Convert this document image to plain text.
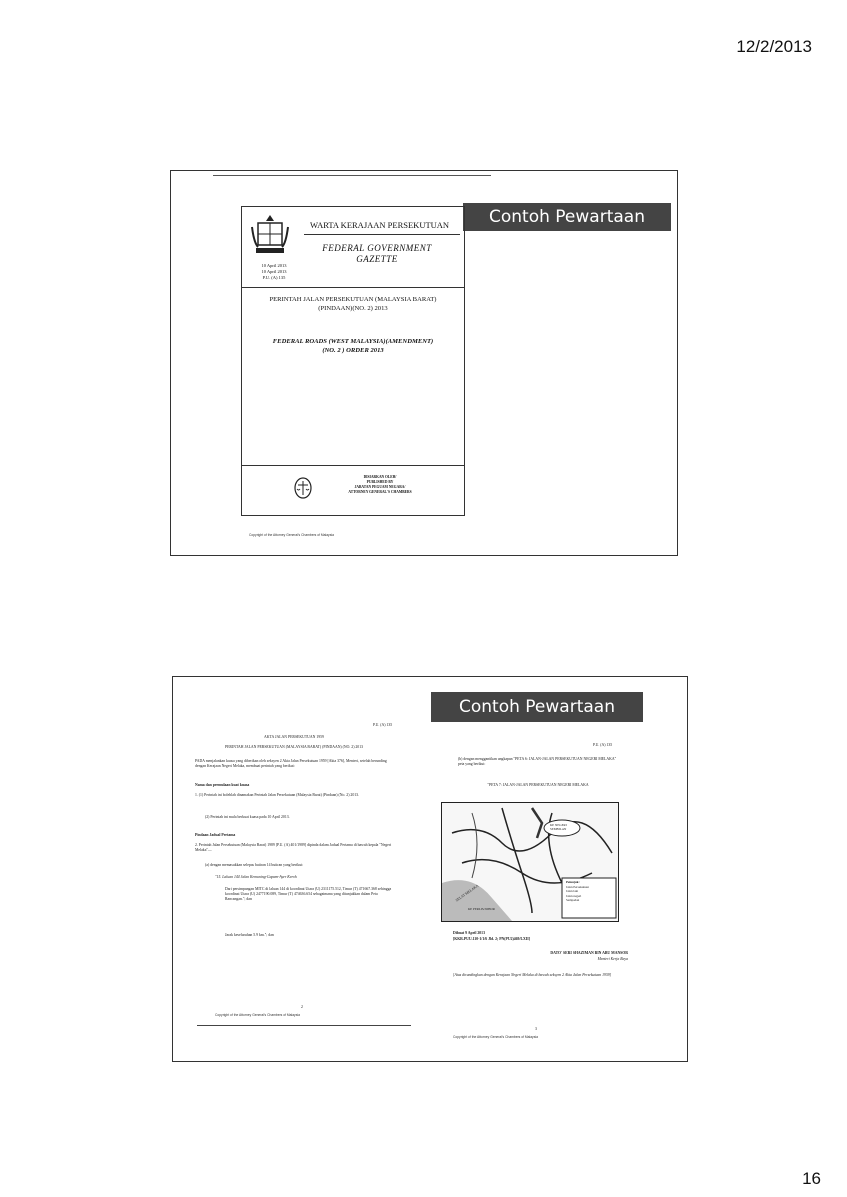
12/2/2013
Contoh Pewartaan
WARTA KERAJAAN PERSEKUTUAN
FEDERAL GOVERNMENT
GAZETTE
10 April 2013
10 April 2013
P.U. (A) 135
PERINTAH JALAN PERSEKUTUAN (MALAYSIA BARAT)
(PINDAAN)(NO. 2) 2013
FEDERAL ROADS (WEST MALAYSIA)(AMENDMENT)
(NO. 2 ) ORDER 2013
DISIARKAN OLEH/
PUBLISHED BY
JABATAN PEGUAM NEGARA/
ATTORNEY GENERAL'S CHAMBERS
Copyright of the Attorney General's Chambers of Malaysia
Contoh Pewartaan
P.U. (A) 135
AKTA JALAN PERSEKUTUAN 1959
PERINTAH JALAN PERSEKUTUAN (MALAYSIA BARAT) (PINDAAN) (NO. 2) 2013
PADA menjalankan kuasa yang diberikan oleh seksyen 2 Akta Jalan Persekutuan 1959 [Akta 376], Menteri, setelah berunding dengan Kerajaan Negeri Melaka, membuat perintah yang berikut:
Nama dan permulaan kuat kuasa
1. (1) Perintah ini bolehlah dinamakan Perintah Jalan Persekutuan (Malaysia Barat) (Pindaan) (No. 2) 2013.
(2) Perintah ini mula berkuat kuasa pada 10 April 2013.
Pindaan Jadual Pertama
2. Perintah Jalan Persekutuan (Malaysia Barat) 1989 [P.U. (A) 401/1989] dipinda dalam Jadual Pertama di bawah kepala "Negeri Melaka"—
(a) dengan memasukkan selepas butiran 14 butiran yang berikut:
"15. Laluan 144 Jalan Kemuning-Gapam-Ayer Keroh
Dari persimpangan MITC di laluan 144 di koordinat Utara (U) 2311175.512, Timur (T) 471667.368 sehingga koordinat Utara (U) 2477190.089, Timur (T) 474636.654 sebagaimana yang ditunjukkan dalam Peta Rancangan."; dan
Jarak keseluruhan 5.9 km."; dan
2
Copyright of the Attorney General's Chambers of Malaysia
P.U. (A) 135
(b) dengan menggantikan ungkapan "PETA 6: JALAN-JALAN PERSEKUTUAN NEGERI MELAKA" peta yang berikut:
"PETA 7: JALAN-JALAN PERSEKUTUAN NEGERI MELAKA
KE NEGERI SEMBILAN
SELAT MELAKA
KE PERLIS/JOHOR
Petunjuk:
Jalan Persekutuan
Jalan lain
Jalan negeri
Sempadan
Dibuat 9 April 2013
[KKR.PUU.110-1/1/6 Jld. 2; PN(PU2)469/LXII]
DATO' SERI SHAZIMAN BIN ABU MANSOR
Menteri Kerja Raya
[Atas dirundingkan dengan Kerajaan Negeri Melaka di bawah seksyen 2 Akta Jalan Persekutuan 1959]
3
Copyright of the Attorney General's Chambers of Malaysia
16
